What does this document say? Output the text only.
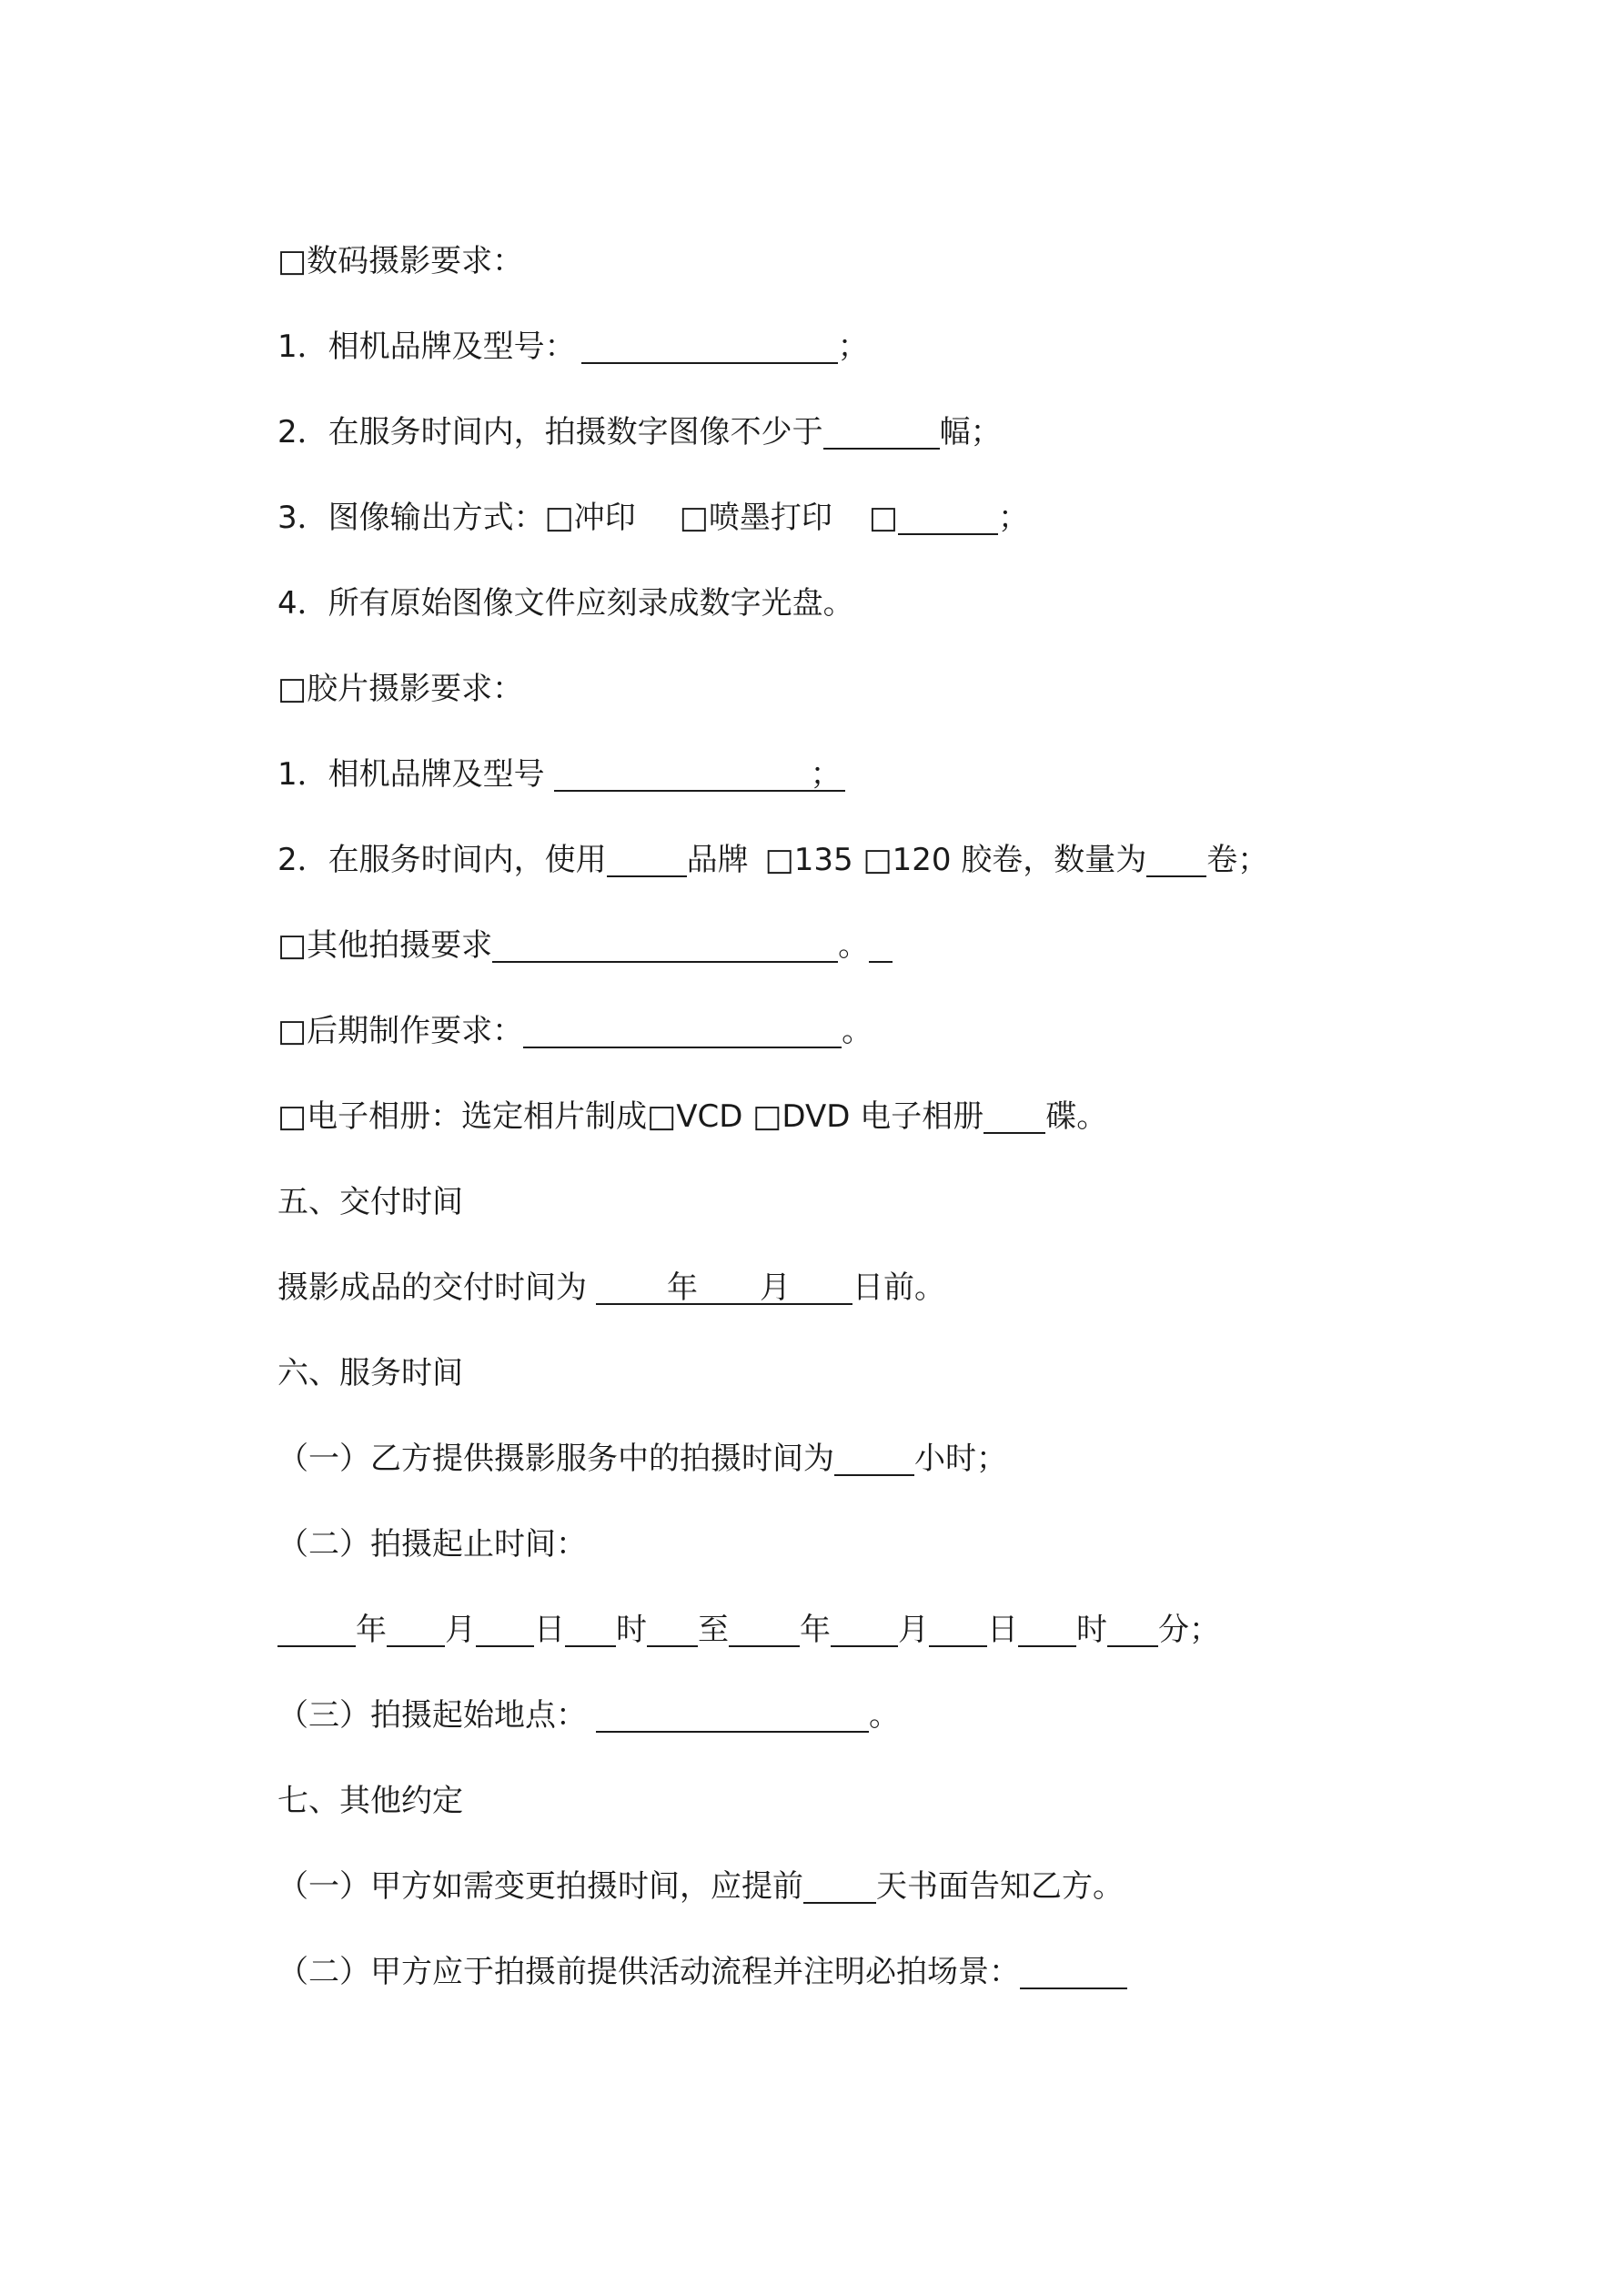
□数码摄影要求：
1．相机品牌及型号：	；
2．在服务时间内，拍摄数字图像不少于	幅；
3．图像输出方式：□冲印 □喷墨打印 □	；
4．所有原始图像文件应刻录成数字光盘。
□胶片摄影要求：
1．相机品牌及型号	；
2．在服务时间内，使用	品牌 □135 □120 胶卷，数量为 卷；
□其他拍摄要求	。
□后期制作要求：	。
□电子相册：选定相片制成□VCD □DVD 电子相册 碟。
五、交付时间
摄影成品的交付时间为	年 月 日前。
六、服务时间
（一）乙方提供摄影服务中的拍摄时间为	小时；
（二）拍摄起止时间：
年 月 日 时 至 年 月 日 时 分；
（三）拍摄起始地点：	。
七、其他约定
（一）甲方如需变更拍摄时间，应提前 天书面告知乙方。
（二）甲方应于拍摄前提供活动流程并注明必拍场景：
